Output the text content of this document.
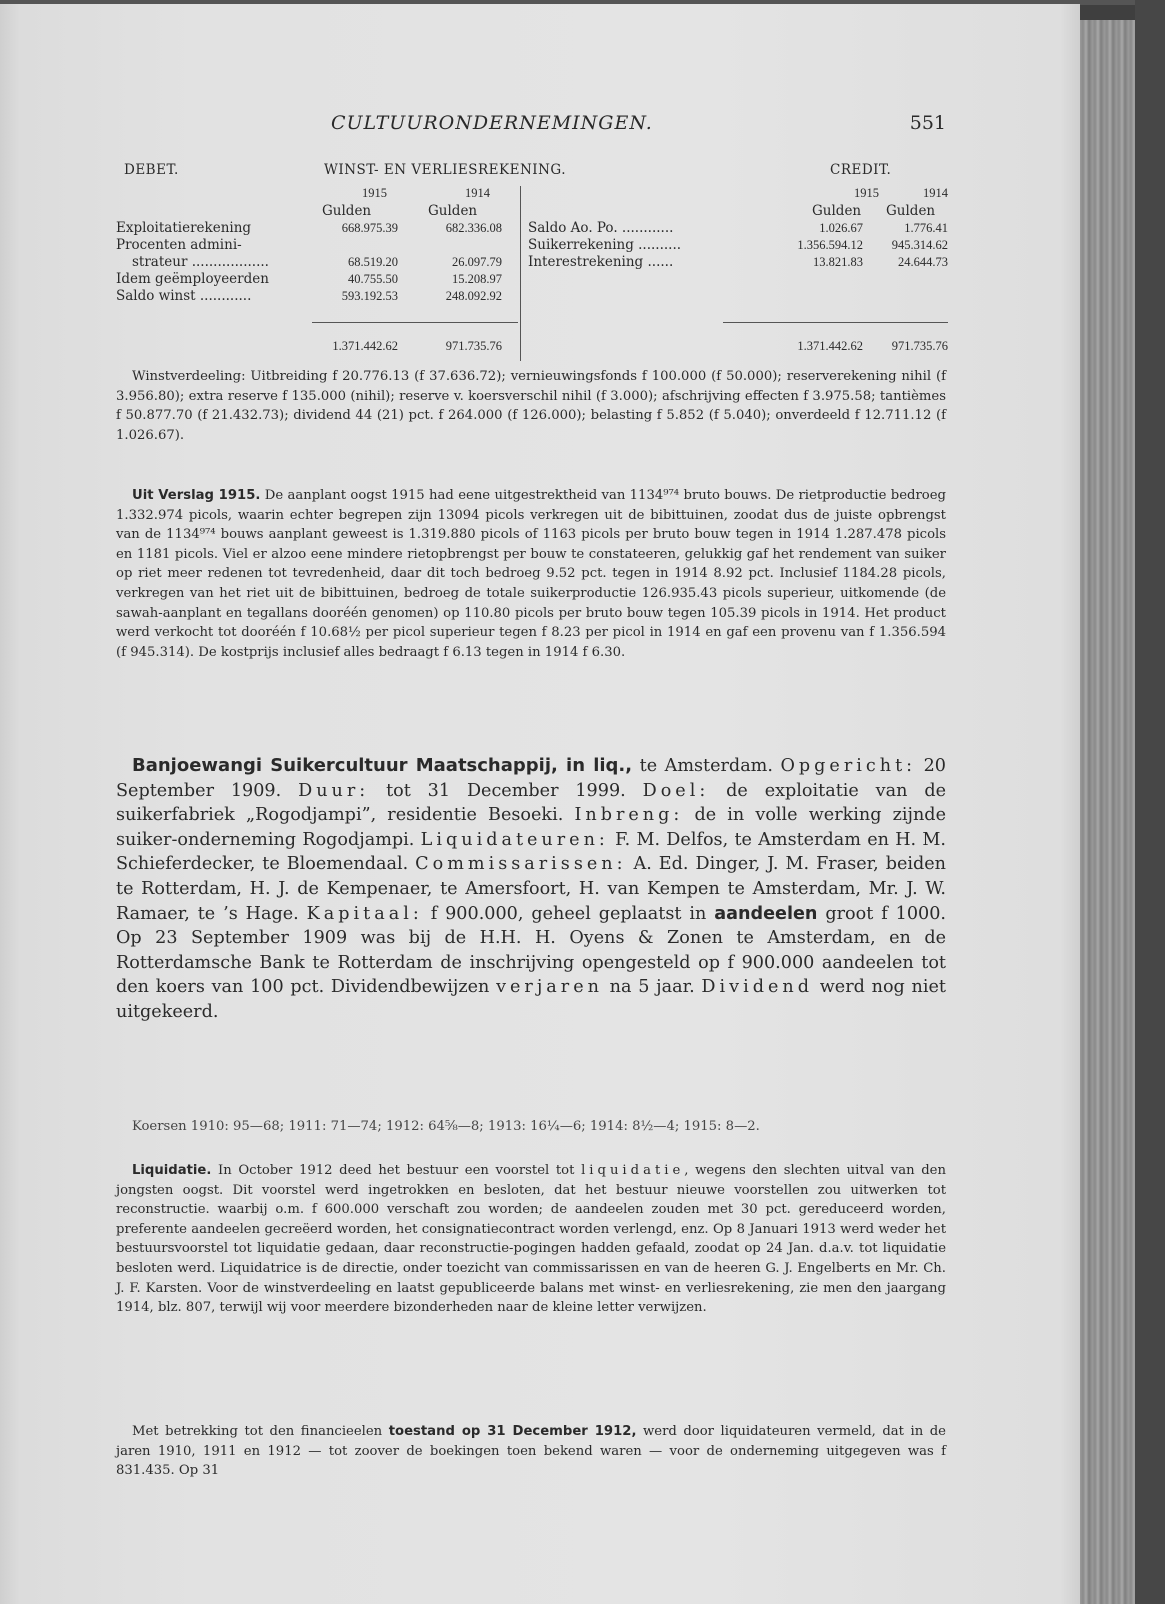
CULTUURONDERNEMINGEN.	551
DEBET.	WINST- EN VERLIESREKENING.	CREDIT.
1915	1914
Gulden	Gulden
Exploitatierekening	668.975.39	682.336.08
Procenten admini-
strateur ..................	68.519.20	26.097.79
Idem geëmployeerden	40.755.50	15.208.97
Saldo winst ............	593.192.53	248.092.92
1.371.442.62	971.735.76
1915	1914
Gulden Gulden
Saldo Ao. Po. ............	1.026.67	1.776.41
Suikerrekening ..........	1.356.594.12	945.314.62
Interestrekening ......	13.821.83	24.644.73
1.371.442.62	971.735.76

Winstverdeeling: Uitbreiding f 20.776.13 (f 37.636.72); vernieuwingsfonds f 100.000 (f 50.000); reserverekening nihil (f 3.956.80); extra reserve f 135.000 (nihil); reserve v. koersverschil nihil (f 3.000); afschrijving effecten f 3.975.58; tantièmes f 50.877.70 (f 21.432.73); dividend 44 (21) pct. f 264.000 (f 126.000); belasting f 5.852 (f 5.040); onverdeeld f 12.711.12 (f 1.026.67).

Uit Verslag 1915. De aanplant oogst 1915 had eene uitgestrektheid van 1134⁹⁷⁴ bruto bouws. De rietproductie bedroeg 1.332.974 picols, waarin echter begrepen zijn 13094 picols verkregen uit de bibittuinen, zoodat dus de juiste opbrengst van de 1134⁹⁷⁴ bouws aanplant geweest is 1.319.880 picols of 1163 picols per bruto bouw tegen in 1914 1.287.478 picols en 1181 picols. Viel er alzoo eene mindere rietopbrengst per bouw te constateeren, gelukkig gaf het rendement van suiker op riet meer redenen tot tevredenheid, daar dit toch bedroeg 9.52 pct. tegen in 1914 8.92 pct. Inclusief 1184.28 picols, verkregen van het riet uit de bibittuinen, bedroeg de totale suikerproductie 126.935.43 picols superieur, uitkomende (de sawah-aanplant en tegallans dooréén genomen) op 110.80 picols per bruto bouw tegen 105.39 picols in 1914. Het product werd verkocht tot dooréén f 10.68½ per picol superieur tegen f 8.23 per picol in 1914 en gaf een provenu van f 1.356.594 (f 945.314). De kostprijs inclusief alles bedraagt f 6.13 tegen in 1914 f 6.30.

Banjoewangi Suikercultuur Maatschappij, in liq., te Amsterdam. Opgericht: 20 September 1909. Duur: tot 31 December 1999. Doel: de exploitatie van de suikerfabriek „Rogodjampi”, residentie Besoeki. Inbreng: de in volle werking zijnde suiker-onderneming Rogodjampi. Liquidateuren: F. M. Delfos, te Amsterdam en H. M. Schieferdecker, te Bloemendaal. Commissarissen: A. Ed. Dinger, J. M. Fraser, beiden te Rotterdam, H. J. de Kempenaer, te Amersfoort, H. van Kempen te Amsterdam, Mr. J. W. Ramaer, te ’s Hage. Kapitaal: f 900.000, geheel geplaatst in aandeelen groot f 1000. Op 23 September 1909 was bij de H.H. H. Oyens & Zonen te Amsterdam, en de Rotterdamsche Bank te Rotterdam de inschrijving opengesteld op f 900.000 aandeelen tot den koers van 100 pct. Dividendbewijzen verjaren na 5 jaar. Dividend werd nog niet uitgekeerd.

Koersen 1910: 95—68; 1911: 71—74; 1912: 64⅝—8; 1913: 16¼—6; 1914: 8½—4; 1915: 8—2.

Liquidatie. In October 1912 deed het bestuur een voorstel tot liquidatie, wegens den slechten uitval van den jongsten oogst. Dit voorstel werd ingetrokken en besloten, dat het bestuur nieuwe voorstellen zou uitwerken tot reconstructie. waarbij o.m. f 600.000 verschaft zou worden; de aandeelen zouden met 30 pct. gereduceerd worden, preferente aandeelen gecreëerd worden, het consignatiecontract worden verlengd, enz. Op 8 Januari 1913 werd weder het bestuursvoorstel tot liquidatie gedaan, daar reconstructie-pogingen hadden gefaald, zoodat op 24 Jan. d.a.v. tot liquidatie besloten werd. Liquidatrice is de directie, onder toezicht van commissarissen en van de heeren G. J. Engelberts en Mr. Ch. J. F. Karsten. Voor de winstverdeeling en laatst gepubliceerde balans met winst- en verliesrekening, zie men den jaargang 1914, blz. 807, terwijl wij voor meerdere bizonderheden naar de kleine letter verwijzen.

Met betrekking tot den financieelen toestand op 31 December 1912, werd door liquidateuren vermeld, dat in de jaren 1910, 1911 en 1912 — tot zoover de boekingen toen bekend waren — voor de onderneming uitgegeven was f 831.435. Op 31
